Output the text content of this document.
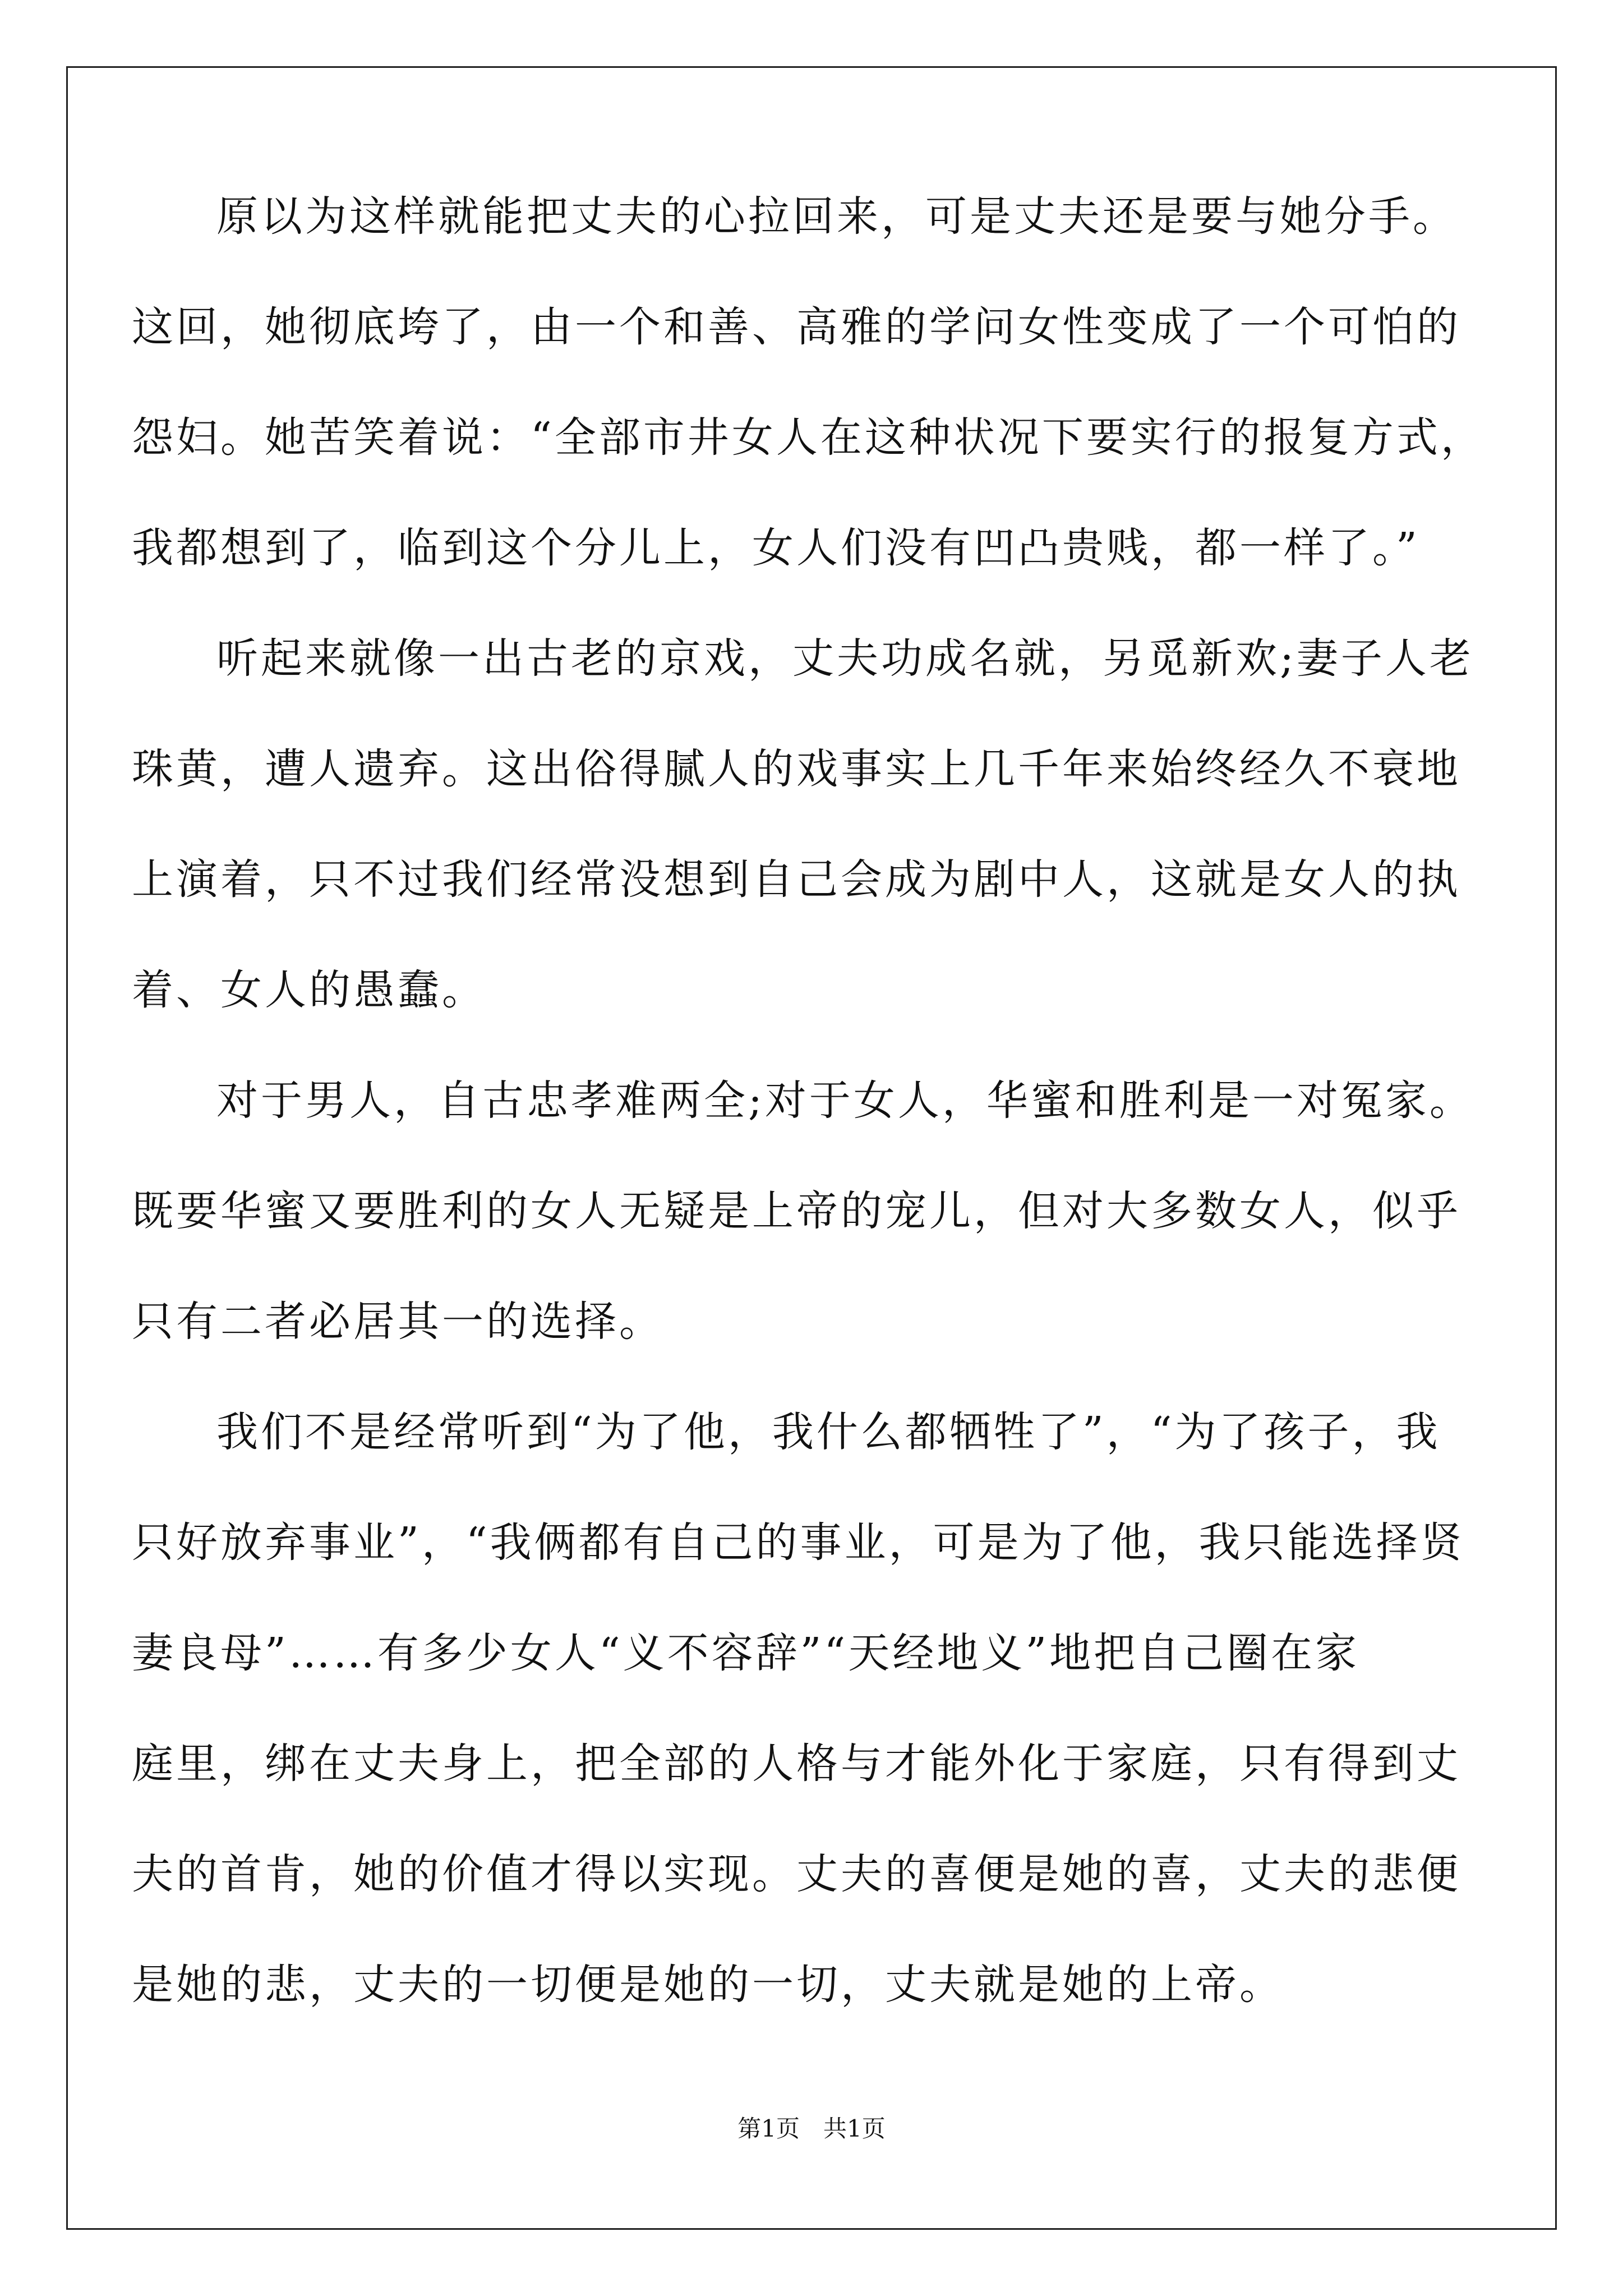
原以为这样就能把丈夫的心拉回来，可是丈夫还是要与她分手。
这回，她彻底垮了，由一个和善、高雅的学问女性变成了一个可怕的
怨妇。她苦笑着说：“全部市井女人在这种状况下要实行的报复方式，
我都想到了，临到这个分儿上，女人们没有凹凸贵贱，都一样了。”
听起来就像一出古老的京戏，丈夫功成名就，另觅新欢;妻子人老
珠黄，遭人遗弃。这出俗得腻人的戏事实上几千年来始终经久不衰地
上演着，只不过我们经常没想到自己会成为剧中人，这就是女人的执
着、女人的愚蠢。
对于男人，自古忠孝难两全;对于女人，华蜜和胜利是一对冤家。
既要华蜜又要胜利的女人无疑是上帝的宠儿，但对大多数女人，似乎
只有二者必居其一的选择。
我们不是经常听到“为了他，我什么都牺牲了”，“为了孩子，我
只好放弃事业”，“我俩都有自己的事业，可是为了他，我只能选择贤
妻良母”……有多少女人“义不容辞”“天经地义”地把自己圈在家
庭里，绑在丈夫身上，把全部的人格与才能外化于家庭，只有得到丈
夫的首肯，她的价值才得以实现。丈夫的喜便是她的喜，丈夫的悲便
是她的悲，丈夫的一切便是她的一切，丈夫就是她的上帝。
第1页 共1页
